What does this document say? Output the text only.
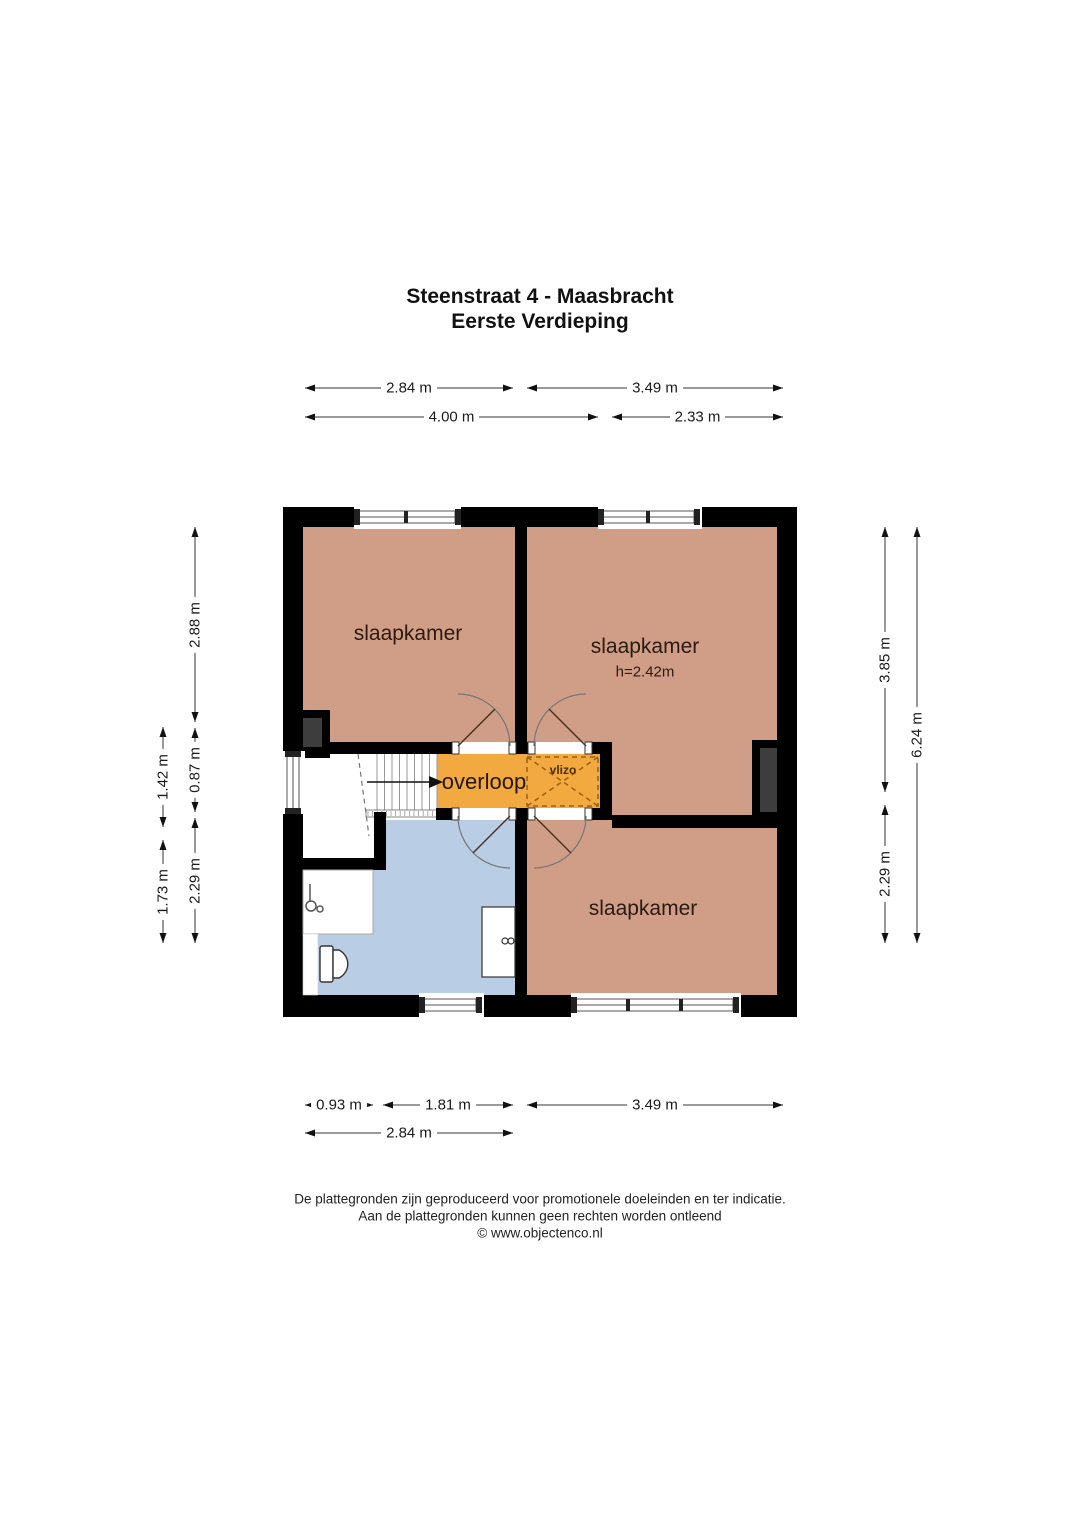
Steenstraat 4 - Maasbracht
Eerste Verdieping
slaapkamer
slaapkamer
h=2.42m
slaapkamer
overloop vlizo
2.84 m	3.49 m
4.00 m	2.33 m
0.93 m	1.81 m	3.49 m
2.84 m
1.42 m
1.73 m
2.88 m
0.87 m
2.29 m
3.85 m
2.29 m
6.24 m
De plattegronden zijn geproduceerd voor promotionele doeleinden en ter indicatie.
Aan de plattegronden kunnen geen rechten worden ontleend
© www.objectenco.nl
